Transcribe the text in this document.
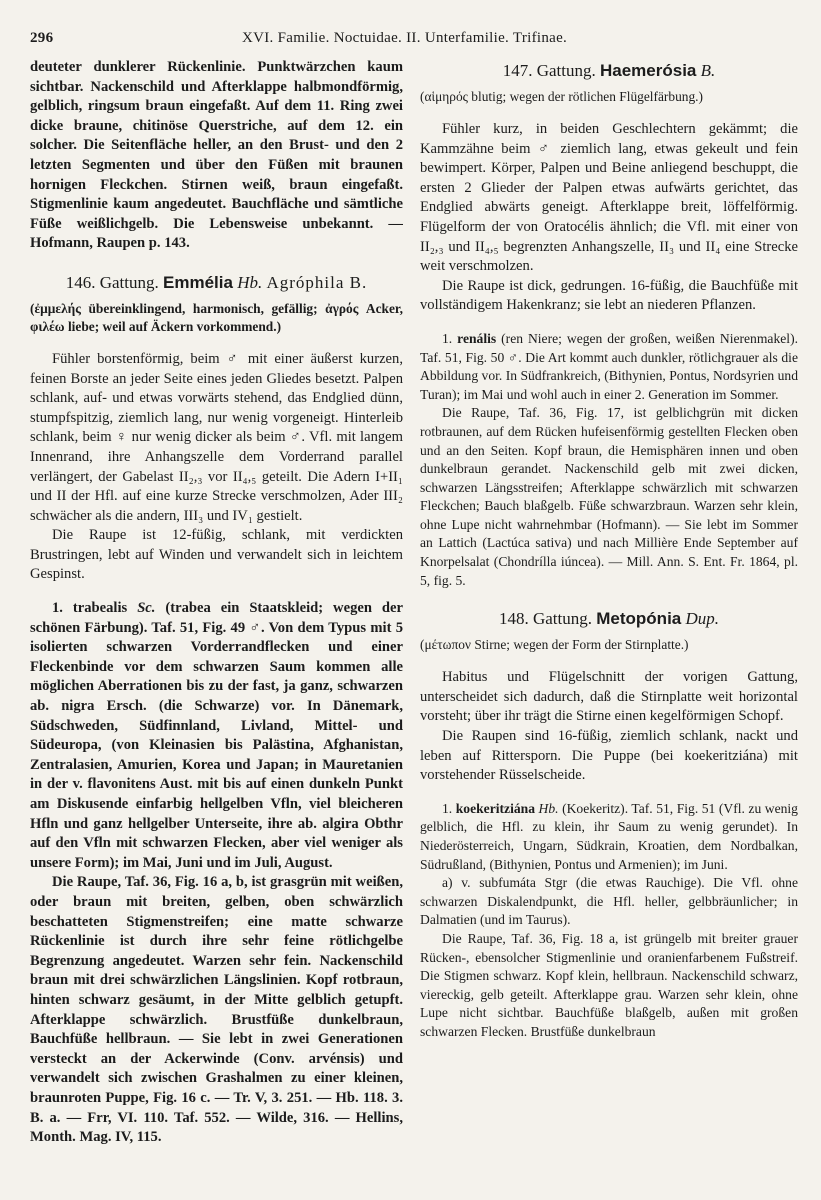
296	XVI. Familie. Noctuidae. II. Unterfamilie. Trifinae.

deuteter dunklerer Rückenlinie. Punktwärzchen kaum sichtbar. Nackenschild und Afterklappe halbmondförmig, gelblich, ringsum braun eingefaßt. Auf dem 11. Ring zwei dicke braune, chitinöse Querstriche, auf dem 12. ein solcher. Die Seitenfläche heller, an den Brust- und den 2 letzten Segmenten und über den Füßen mit braunen hornigen Fleckchen. Stirnen weiß, braun eingefaßt. Stigmenlinie kaum angedeutet. Bauchfläche und sämtliche Füße weißlichgelb. Die Lebensweise unbekannt. — Hofmann, Raupen p. 143.

146. Gattung. Emmélia Hb. Agróphila B.

(ἐμμελής übereinklingend, harmonisch, gefällig; ἀγρός Acker, φιλέω liebe; weil auf Äckern vorkommend.)

Fühler borstenförmig, beim ♂ mit einer äußerst kurzen, feinen Borste an jeder Seite eines jeden Gliedes besetzt. Palpen schlank, auf- und etwas vorwärts stehend, das Endglied dünn, stumpfspitzig, ziemlich lang, nur wenig vorgeneigt. Hinterleib schlank, beim ♀ nur wenig dicker als beim ♂. Vfl. mit langem Innenrand, ihre Anhangszelle dem Vorderrand parallel verlängert, der Gabelast II₂,₃ vor II₄,₅ geteilt. Die Adern I+II₁ und II der Hfl. auf eine kurze Strecke verschmolzen, Ader III₂ schwächer als die andern, III₃ und IV₁ gestielt.

Die Raupe ist 12-füßig, schlank, mit verdickten Brustringen, lebt auf Winden und verwandelt sich in leichtem Gespinst.

1. trabealis Sc. (trabea ein Staatskleid; wegen der schönen Färbung). Taf. 51, Fig. 49 ♂. Von dem Typus mit 5 isolierten schwarzen Vorderrandflecken und einer Fleckenbinde vor dem schwarzen Saum kommen alle möglichen Aberrationen bis zu der fast, ja ganz, schwarzen ab. nigra Ersch. (die Schwarze) vor. In Dänemark, Südschweden, Südfinnland, Livland, Mittel- und Südeuropa, (von Kleinasien bis Palästina, Afghanistan, Zentralasien, Amurien, Korea und Japan; in Mauretanien in der v. flavonitens Aust. mit bis auf einen dunkeln Punkt am Diskusende einfarbig hellgelben Vfln, viel bleicheren Hfln und ganz hellgelber Unterseite, ihre ab. algira Obthr auf den Vfln mit schwarzen Flecken, aber viel weniger als unsere Form); im Mai, Juni und im Juli, August.

Die Raupe, Taf. 36, Fig. 16 a, b, ist grasgrün mit weißen, oder braun mit breiten, gelben, oben schwärzlich beschatteten Stigmenstreifen; eine matte schwarze Rückenlinie ist durch ihre sehr feine rötlichgelbe Begrenzung angedeutet. Warzen sehr fein. Nackenschild braun mit drei schwärzlichen Längslinien. Kopf rotbraun, hinten schwarz gesäumt, in der Mitte gelblich getupft. Afterklappe schwärzlich. Brustfüße dunkelbraun, Bauchfüße hellbraun. — Sie lebt in zwei Generationen versteckt an der Ackerwinde (Conv. arvénsis) und verwandelt sich zwischen Grashalmen zu einer kleinen, braunroten Puppe, Fig. 16 c. — Tr. V, 3. 251. — Hb. 118. 3. B. a. — Frr, VI. 110. Taf. 552. — Wilde, 316. — Hellins, Month. Mag. IV, 115.

147. Gattung. Haemerósia B.

(αἱμηρός blutig; wegen der rötlichen Flügelfärbung.)

Fühler kurz, in beiden Geschlechtern gekämmt; die Kammzähne beim ♂ ziemlich lang, etwas gekeult und fein bewimpert. Körper, Palpen und Beine anliegend beschuppt, die ersten 2 Glieder der Palpen etwas aufwärts gerichtet, das Endglied abwärts geneigt. Afterklappe breit, löffelförmig. Flügelform der von Oratocélis ähnlich; die Vfl. mit einer von II₂,₃ und II₄,₅ begrenzten Anhangszelle, II₃ und II₄ eine Strecke weit verschmolzen.

Die Raupe ist dick, gedrungen. 16-füßig, die Bauchfüße mit vollständigem Hakenkranz; sie lebt an niederen Pflanzen.

1. renális (ren Niere; wegen der großen, weißen Nierenmakel). Taf. 51, Fig. 50 ♂. Die Art kommt auch dunkler, rötlichgrauer als die Abbildung vor. In Südfrankreich, (Bithynien, Pontus, Nordsyrien und Turan); im Mai und wohl auch in einer 2. Generation im Sommer.

Die Raupe, Taf. 36, Fig. 17, ist gelblichgrün mit dicken rotbraunen, auf dem Rücken hufeisenförmig gestellten Flecken oben und an den Seiten. Kopf braun, die Hemisphären innen und oben dunkelbraun gerandet. Nackenschild gelb mit zwei dicken, schwarzen Längsstreifen; Afterklappe schwärzlich mit schwarzen Fleckchen; Bauch blaßgelb. Füße schwarzbraun. Warzen sehr klein, ohne Lupe nicht wahrnehmbar (Hofmann). — Sie lebt im Sommer an Lattich (Lactúca sativa) und nach Millière Ende September auf Knorpelsalat (Chondrílla iúncea). — Mill. Ann. S. Ent. Fr. 1864, pl. 5, fig. 5.

148. Gattung. Metopónia Dup.

(μέτωπον Stirne; wegen der Form der Stirnplatte.)

Habitus und Flügelschnitt der vorigen Gattung, unterscheidet sich dadurch, daß die Stirnplatte weit horizontal vorsteht; über ihr trägt die Stirne einen kegelförmigen Schopf.

Die Raupen sind 16-füßig, ziemlich schlank, nackt und leben auf Rittersporn. Die Puppe (bei koekeritziána) mit vorstehender Rüsselscheide.

1. koekeritziána Hb. (Koekeritz). Taf. 51, Fig. 51 (Vfl. zu wenig gelblich, die Hfl. zu klein, ihr Saum zu wenig gerundet). In Niederösterreich, Ungarn, Südkrain, Kroatien, dem Nordbalkan, Südrußland, (Bithynien, Pontus und Armenien); im Juni.

a) v. subfumáta Stgr (die etwas Rauchige). Die Vfl. ohne schwarzen Diskalendpunkt, die Hfl. heller, gelbbräunlicher; in Dalmatien (und im Taurus).

Die Raupe, Taf. 36, Fig. 18 a, ist grüngelb mit breiter grauer Rücken-, ebensolcher Stigmenlinie und oranienfarbenem Fußstreif. Die Stigmen schwarz. Kopf klein, hellbraun. Nackenschild schwarz, viereckig, gelb geteilt. Afterklappe grau. Warzen sehr klein, ohne Lupe nicht sichtbar. Bauchfüße blaßgelb, außen mit großen schwarzen Flecken. Brustfüße dunkelbraun
